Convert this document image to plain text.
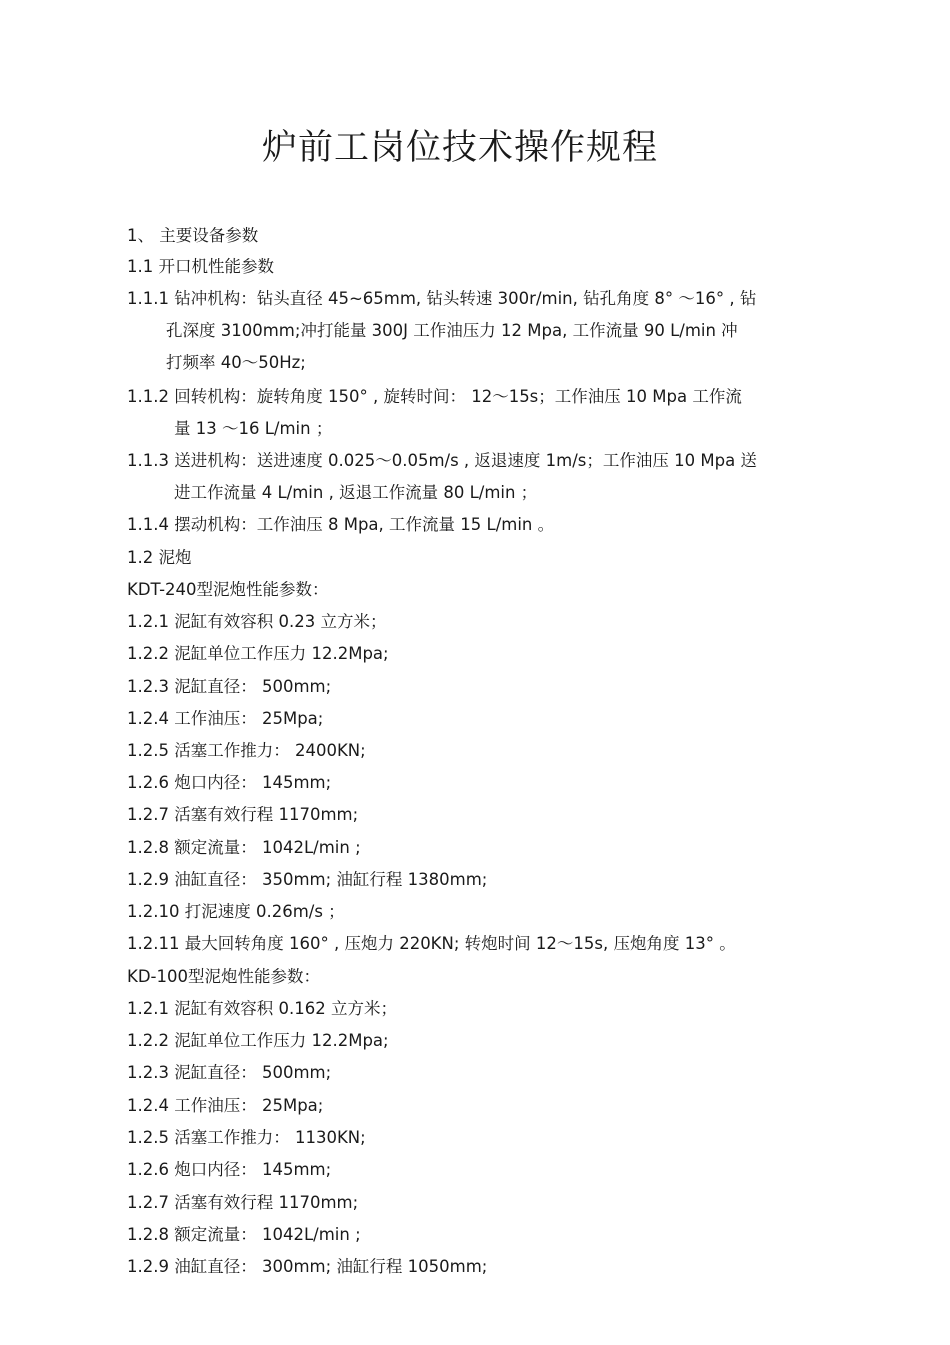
炉前工岗位技术操作规程
1、 主要设备参数
1.1 开口机性能参数
1.1.1 钻冲机构：钻头直径 45~65mm, 钻头转速 300r/min, 钻孔角度 8° ～16° , 钻
孔深度 3100mm;冲打能量 300J 工作油压力 12 Mpa, 工作流量 90 L/min 冲
打频率 40～50Hz;
1.1.2 回转机构：旋转角度 150° , 旋转时间： 12～15s；工作油压 10 Mpa 工作流
量 13 ～16 L/min ；
1.1.3 送进机构：送进速度 0.025～0.05m/s , 返退速度 1m/s；工作油压 10 Mpa 送
进工作流量 4 L/min , 返退工作流量 80 L/min ；
1.1.4 摆动机构：工作油压 8 Mpa, 工作流量 15 L/min 。
1.2 泥炮
KDT-240型泥炮性能参数：
1.2.1 泥缸有效容积 0.23 立方米；
1.2.2 泥缸单位工作压力 12.2Mpa;
1.2.3 泥缸直径： 500mm;
1.2.4 工作油压： 25Mpa;
1.2.5 活塞工作推力： 2400KN;
1.2.6 炮口内径： 145mm;
1.2.7 活塞有效行程 1170mm;
1.2.8 额定流量： 1042L/min ;
1.2.9 油缸直径： 350mm; 油缸行程 1380mm;
1.2.10 打泥速度 0.26m/s ；
1.2.11 最大回转角度 160° , 压炮力 220KN; 转炮时间 12～15s, 压炮角度 13° 。
KD-100型泥炮性能参数：
1.2.1 泥缸有效容积 0.162 立方米；
1.2.2 泥缸单位工作压力 12.2Mpa;
1.2.3 泥缸直径： 500mm;
1.2.4 工作油压： 25Mpa;
1.2.5 活塞工作推力： 1130KN;
1.2.6 炮口内径： 145mm;
1.2.7 活塞有效行程 1170mm;
1.2.8 额定流量： 1042L/min ;
1.2.9 油缸直径： 300mm; 油缸行程 1050mm;
